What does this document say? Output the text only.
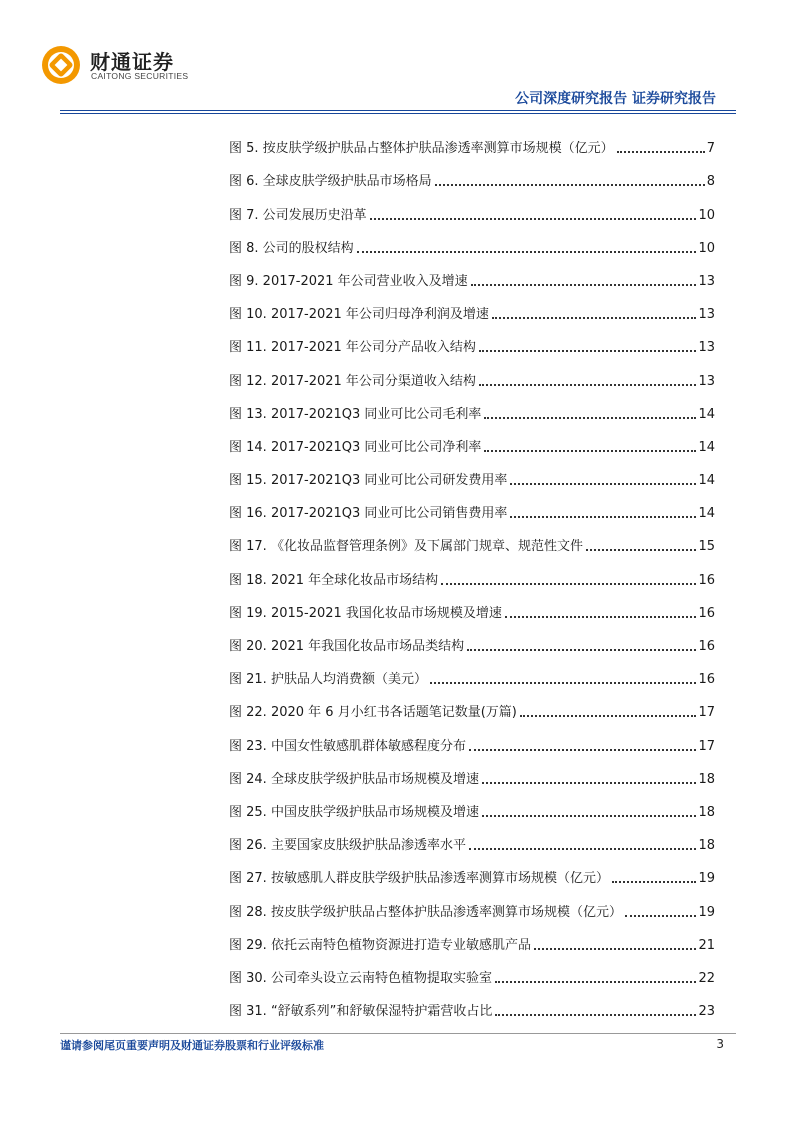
财通证券
CAITONG SECURITIES
公司深度研究报告 证券研究报告
图 5. 按皮肤学级护肤品占整体护肤品渗透率测算市场规模（亿元）	7
图 6. 全球皮肤学级护肤品市场格局	8
图 7. 公司发展历史沿革	10
图 8. 公司的股权结构	10
图 9. 2017-2021 年公司营业收入及增速	13
图 10. 2017-2021 年公司归母净利润及增速	13
图 11. 2017-2021 年公司分产品收入结构	13
图 12. 2017-2021 年公司分渠道收入结构	13
图 13. 2017-2021Q3 同业可比公司毛利率	14
图 14. 2017-2021Q3 同业可比公司净利率	14
图 15. 2017-2021Q3 同业可比公司研发费用率	14
图 16. 2017-2021Q3 同业可比公司销售费用率	14
图 17. 《化妆品监督管理条例》及下属部门规章、规范性文件	15
图 18. 2021 年全球化妆品市场结构	16
图 19. 2015-2021 我国化妆品市场规模及增速	16
图 20. 2021 年我国化妆品市场品类结构	16
图 21. 护肤品人均消费额（美元）	16
图 22. 2020 年 6 月小红书各话题笔记数量(万篇)	17
图 23. 中国女性敏感肌群体敏感程度分布	17
图 24. 全球皮肤学级护肤品市场规模及增速	18
图 25. 中国皮肤学级护肤品市场规模及增速	18
图 26. 主要国家皮肤级护肤品渗透率水平	18
图 27. 按敏感肌人群皮肤学级护肤品渗透率测算市场规模（亿元）	19
图 28. 按皮肤学级护肤品占整体护肤品渗透率测算市场规模（亿元）	19
图 29. 依托云南特色植物资源进打造专业敏感肌产品	21
图 30. 公司牵头设立云南特色植物提取实验室	22
图 31. “舒敏系列”和舒敏保湿特护霜营收占比	23
谨请参阅尾页重要声明及财通证券股票和行业评级标准	3
